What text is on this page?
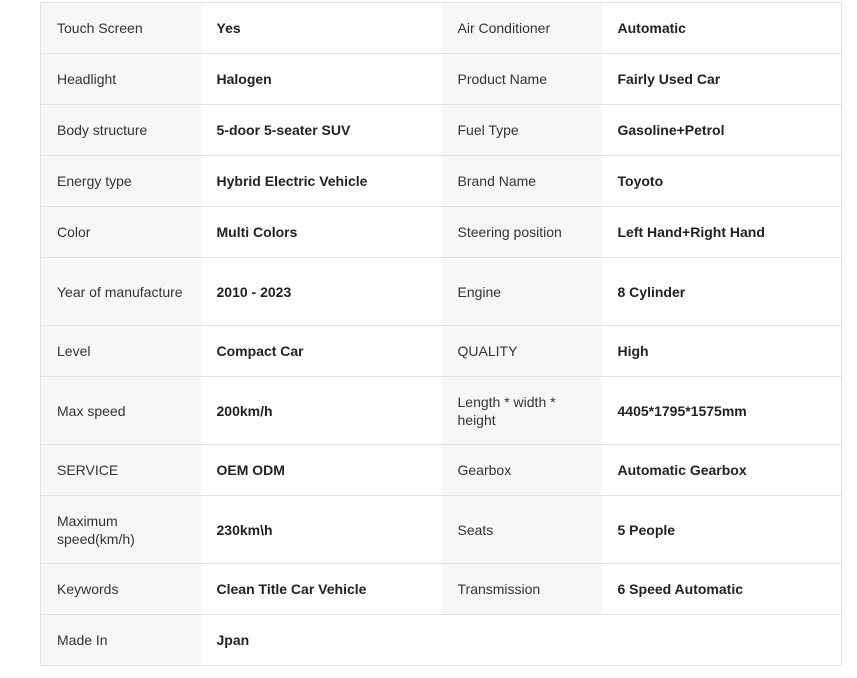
Touch Screen	Yes	Air Conditioner	Automatic
Headlight	Halogen	Product Name	Fairly Used Car
Body structure	5-door 5-seater SUV	Fuel Type	Gasoline+Petrol
Energy type	Hybrid Electric Vehicle	Brand Name	Toyoto
Color	Multi Colors	Steering position	Left Hand+Right Hand
Year of manufacture	2010 - 2023	Engine	8 Cylinder
Level	Compact Car	QUALITY	High
Max speed	200km/h	Length * width * height	4405*1795*1575mm
SERVICE	OEM ODM	Gearbox	Automatic Gearbox
Maximum speed(km/h)	230km\h	Seats	5 People
Keywords	Clean Title Car Vehicle	Transmission	6 Speed Automatic
Made In	Jpan		
